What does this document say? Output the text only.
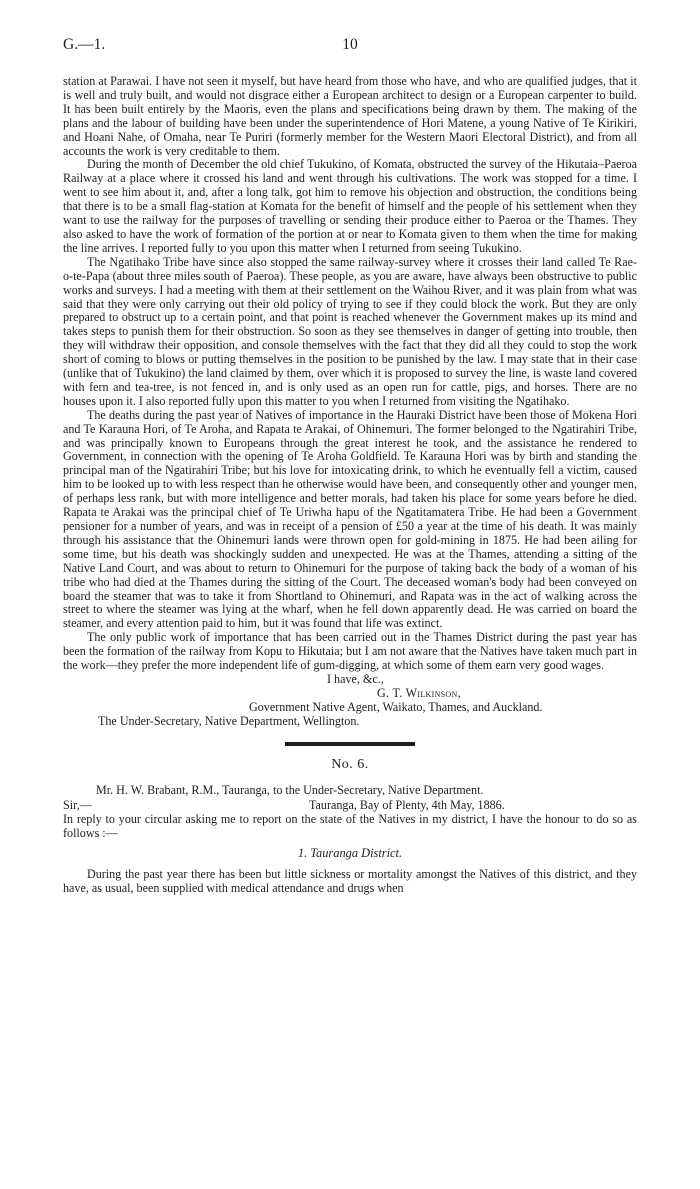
G.—1.	10

station at Parawai. I have not seen it myself, but have heard from those who have, and who are qualified judges, that it is well and truly built, and would not disgrace either a European architect to design or a European carpenter to build. It has been built entirely by the Maoris, even the plans and specifications being drawn by them. The making of the plans and the labour of building have been under the superintendence of Hori Matene, a young Native of Te Kirikiri, and Hoani Nahe, of Omaha, near Te Puriri (formerly member for the Western Maori Electoral District), and from all accounts the work is very creditable to them.

During the month of December the old chief Tukukino, of Komata, obstructed the survey of the Hikutaia–Paeroa Railway at a place where it crossed his land and went through his cultivations. The work was stopped for a time. I went to see him about it, and, after a long talk, got him to remove his objection and obstruction, the conditions being that there is to be a small flag-station at Komata for the benefit of himself and the people of his settlement when they want to use the railway for the purposes of travelling or sending their produce either to Paeroa or the Thames. They also asked to have the work of formation of the portion at or near to Komata given to them when the time for making the line arrives. I reported fully to you upon this matter when I returned from seeing Tukukino.

The Ngatihako Tribe have since also stopped the same railway-survey where it crosses their land called Te Rae-o-te-Papa (about three miles south of Paeroa). These people, as you are aware, have always been obstructive to public works and surveys. I had a meeting with them at their settlement on the Waihou River, and it was plain from what was said that they were only carrying out their old policy of trying to see if they could block the work. But they are only prepared to obstruct up to a certain point, and that point is reached whenever the Government makes up its mind and takes steps to punish them for their obstruction. So soon as they see themselves in danger of getting into trouble, then they will withdraw their opposition, and console themselves with the fact that they did all they could to stop the work short of coming to blows or putting themselves in the position to be punished by the law. I may state that in their case (unlike that of Tukukino) the land claimed by them, over which it is proposed to survey the line, is waste land covered with fern and tea-tree, is not fenced in, and is only used as an open run for cattle, pigs, and horses. There are no houses upon it. I also reported fully upon this matter to you when I returned from visiting the Ngatihako.

The deaths during the past year of Natives of importance in the Hauraki District have been those of Mokena Hori and Te Karauna Hori, of Te Aroha, and Rapata te Arakai, of Ohinemuri. The former belonged to the Ngatirahiri Tribe, and was principally known to Europeans through the great interest he took, and the assistance he rendered to Government, in connection with the opening of Te Aroha Goldfield. Te Karauna Hori was by birth and standing the principal man of the Ngatirahiri Tribe; but his love for intoxicating drink, to which he eventually fell a victim, caused him to be looked up to with less respect than he otherwise would have been, and consequently other and younger men, of perhaps less rank, but with more intelligence and better morals, had taken his place for some years before he died. Rapata te Arakai was the principal chief of Te Uriwha hapu of the Ngatitamatera Tribe. He had been a Government pensioner for a number of years, and was in receipt of a pension of £50 a year at the time of his death. It was mainly through his assistance that the Ohinemuri lands were thrown open for gold-mining in 1875. He had been ailing for some time, but his death was shockingly sudden and unexpected. He was at the Thames, attending a sitting of the Native Land Court, and was about to return to Ohinemuri for the purpose of taking back the body of a woman of his tribe who had died at the Thames during the sitting of the Court. The deceased woman's body had been conveyed on board the steamer that was to take it from Shortland to Ohinemuri, and Rapata was in the act of walking across the street to where the steamer was lying at the wharf, when he fell down apparently dead. He was carried on board the steamer, and every attention paid to him, but it was found that life was extinct.

The only public work of importance that has been carried out in the Thames District during the past year has been the formation of the railway from Kopu to Hikutaia; but I am not aware that the Natives have taken much part in the work—they prefer the more independent life of gum-digging, at which some of them earn very good wages.

I have, &c.,

G. T. Wilkinson,

Government Native Agent, Waikato, Thames, and Auckland.

The Under-Secretary, Native Department, Wellington.

No. 6.

Mr. H. W. Brabant, R.M., Tauranga, to the Under-Secretary, Native Department.

Sir,—	Tauranga, Bay of Plenty, 4th May, 1886.

In reply to your circular asking me to report on the state of the Natives in my district, I have the honour to do so as follows :—

1. Tauranga District.

During the past year there has been but little sickness or mortality amongst the Natives of this district, and they have, as usual, been supplied with medical attendance and drugs when
